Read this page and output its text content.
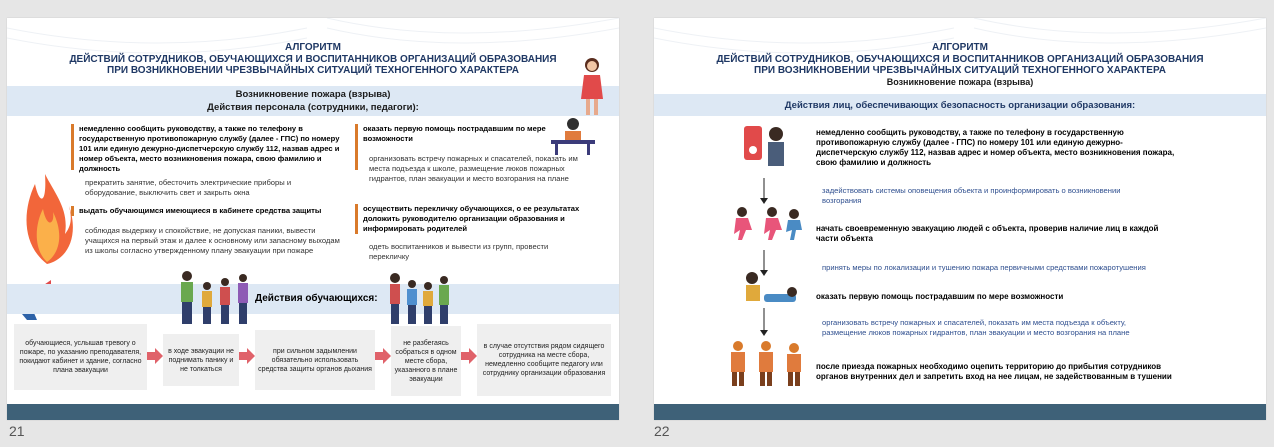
АЛГОРИТМ
ДЕЙСТВИЙ СОТРУДНИКОВ, ОБУЧАЮЩИХСЯ И ВОСПИТАННИКОВ ОРГАНИЗАЦИЙ ОБРАЗОВАНИЯ
ПРИ ВОЗНИКНОВЕНИИ ЧРЕЗВЫЧАЙНЫХ СИТУАЦИЙ ТЕХНОГЕННОГО ХАРАКТЕРА
Возникновение пожара (взрыва)
Действия персонала (сотрудники, педагоги):
немедленно сообщить руководству, а также по телефону в государственную противопожарную службу (далее - ГПС) по номеру 101 или единую дежурно-диспетчерскую службу 112, назвав адрес и номер объекта, место возникновения пожара, свою фамилию и должность
прекратить занятие, обесточить электрические приборы и оборудование, выключить свет и закрыть окна
выдать обучающимся имеющиеся в кабинете средства защиты
соблюдая выдержку и спокойствие, не допуская паники, вывести учащихся на первый этаж и далее к основному или запасному выходам из школы согласно утвержденному плану эвакуации при пожаре
оказать первую помощь пострадавшим по мере возможности
организовать встречу пожарных и спасателей, показать им места подъезда к школе, размещение люков пожарных гидрантов, план эвакуации и место возгорания на плане
осуществить перекличку обучающихся, о ее результатах доложить руководителю организации образования и информировать родителей
одеть воспитанников и вывести из групп, провести перекличку
Действия обучающихся:
обучающиеся, услышав тревогу о пожаре, по указанию преподавателя, покидают кабинет и здание, согласно плана эвакуации
в ходе эвакуации не поднимать панику и не толкаться
при сильном задымлении обязательно использовать средства защиты органов дыхания
не разбегаясь собраться в одном месте сбора, указанного в плане эвакуации
в случае отсутствия рядом сидящего сотрудника на месте сбора, немедленно сообщите педагогу или сотруднику организации образования
21
АЛГОРИТМ
ДЕЙСТВИЙ СОТРУДНИКОВ, ОБУЧАЮЩИХСЯ И ВОСПИТАННИКОВ ОРГАНИЗАЦИЙ ОБРАЗОВАНИЯ
ПРИ ВОЗНИКНОВЕНИИ ЧРЕЗВЫЧАЙНЫХ СИТУАЦИЙ ТЕХНОГЕННОГО ХАРАКТЕРА
Возникновение пожара (взрыва)
Действия лиц, обеспечивающих безопасность организации образования:
немедленно сообщить руководству, а также по телефону в государственную противопожарную службу (далее - ГПС) по номеру 101 или единую дежурно-диспетчерскую службу 112, назвав адрес и номер объекта, место возникновения пожара, свою фамилию и должность
задействовать системы оповещения объекта и проинформировать о возникновении возгорания
начать своевременную эвакуацию людей с объекта, проверив наличие лиц в каждой части объекта
принять меры по локализации и тушению пожара первичными средствами пожаротушения
оказать первую помощь пострадавшим по мере возможности
организовать встречу пожарных и спасателей, показать им места подъезда к объекту, размещение люков пожарных гидрантов, план эвакуации и место возгорания на плане
после приезда пожарных необходимо оцепить территорию до прибытия сотрудников органов внутренних дел и запретить вход на нее лицам, не задействованным в тушении
22
